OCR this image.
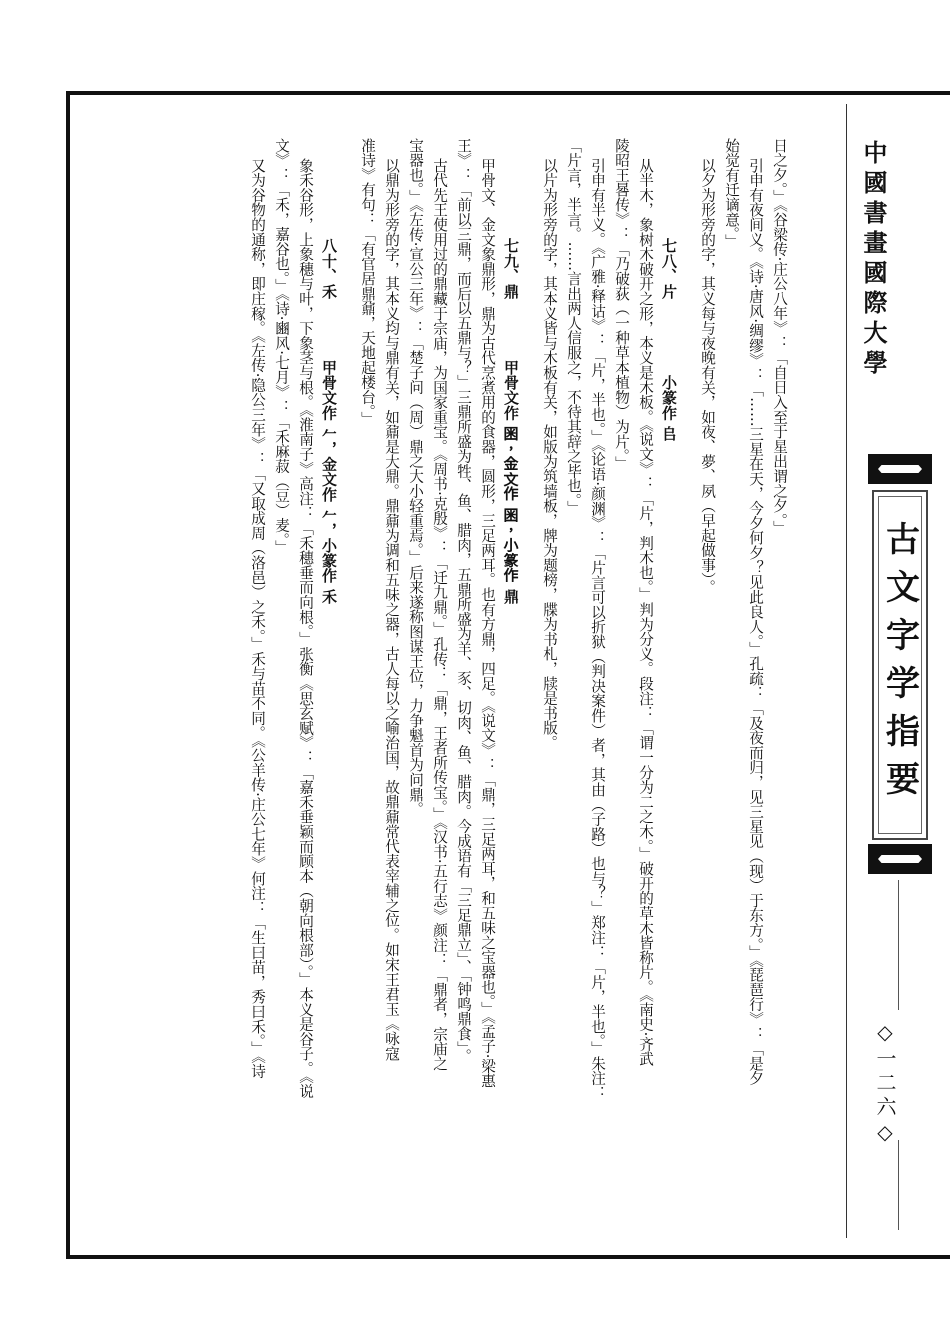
中國書畫國際大學
古文字学指要
◇一二六◇
日之夕。」《谷梁传·庄公八年》：「自日入至于星出谓之夕。」
引申有夜间义。《诗·唐风·绸缪》：「……三星在天，今夕何夕？见此良人。」孔疏：「及夜而归，见三星见（现）于东方。」《琵琶行》：「是夕
始觉有迁谪意。」
以夕为形旁的字，其义每与夜晚有关，如夜、夢、夙（早起做事）。
七八、片　　　　　小篆作 𠂤
从半木，象树木破开之形，本义是木板。《说文》：「片，判木也。」判为分义。段注：「谓一分为二之木。」破开的草木皆称片。《南史·齐武
陵昭王晷传》：「乃破荻（一种草本植物）为片。」
引申有半义。《广雅·释诂》：「片，半也。」《论语·颜渊》：「片言可以折狱（判决案件）者，其由（子路）也与？」郑注：「片，半也。」朱注：
「片言，半言。……言出两人信服之，不待其辞之毕也。」
以片为形旁的字，其本义皆与木板有关，如版为筑墙板，牌为题榜，牒为书札，牍是书版。
七九、鼎　　　　甲骨文作 𡇒，金文作 𡇒，小篆作 鼎
甲骨文、金文象鼎形，鼎为古代烹煮用的食器，圆形，三足两耳。也有方鼎，四足。《说文》：「鼎，三足两耳，和五味之宝器也。」《孟子·梁惠
王》：「前以三鼎，而后以五鼎与？」三鼎所盛为牲、鱼、腊肉，五鼎所盛为羊、豕、切肉、鱼、腊肉。今成语有「三足鼎立」、「钟鸣鼎食」。
古代先王使用过的鼎藏于宗庙，为国家重宝。《周书·克殷》：「迁九鼎。」孔传：「鼎，王者所传宝。」《汉书·五行志》颜注：「鼎者，宗庙之
宝器也。」《左传·宣公三年》：「楚子问（周）鼎之大小轻重焉。」后来遂称图谋王位，力争魁首为问鼎。
以鼎为形旁的字，其本义均与鼎有关，如鼐是大鼎。鼎鼐为调和五味之器，古人每以之喻治国，故鼎鼐常代表宰辅之位。如宋王君玉《咏寇
准诗》有句：「有官居鼎鼐，天地起楼台。」
八十、禾　　　　甲骨文作 𠂉，金文作 𠂉，小篆作 禾
象禾谷形，上象穗与叶，下象茎与根。《淮南子》高注：「禾穗垂而向根。」张衡《思玄赋》：「嘉禾垂颖而顾本（朝向根部）。」本义是谷子。《说
文》：「禾，嘉谷也。」《诗·豳风·七月》：「禾麻菽（豆）麦。」
又为谷物的通称，即庄稼。《左传·隐公三年》：「又取成周（洛邑）之禾。」禾与苗不同。《公羊传·庄公七年》何注：「生曰苗，秀曰禾。」《诗
